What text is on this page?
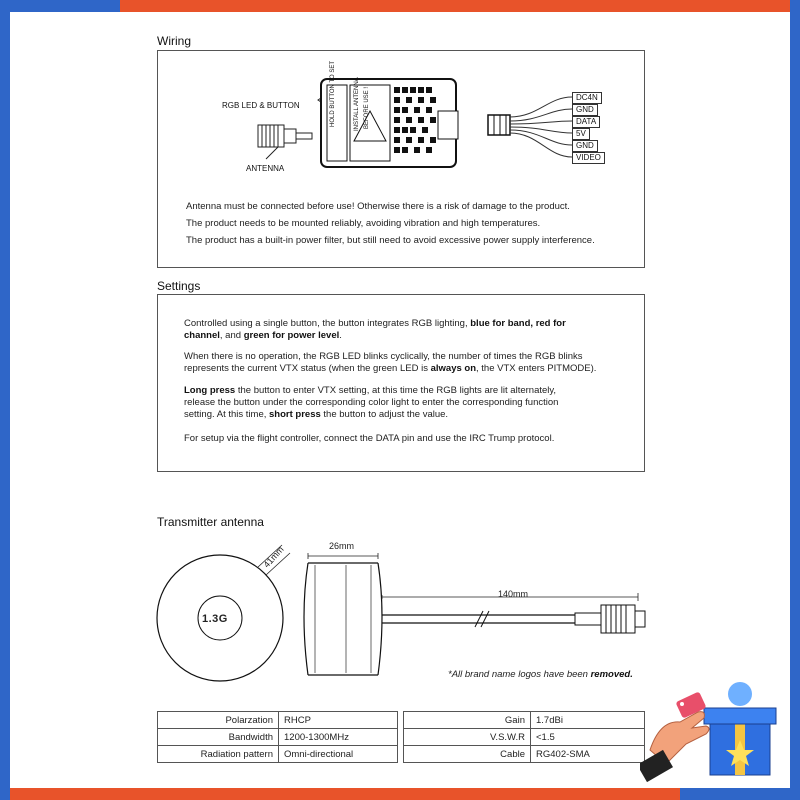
Wiring
HOLD BUTTON TO SET	INSTALL ANTENNA BEFORE USE !
RGB LED & BUTTON
ANTENNA
DC4N
GND
DATA
5V
GND
VIDEO
Antenna must be connected before use! Otherwise there is a risk of damage to the product.
The product needs to be mounted reliably, avoiding vibration and high temperatures.
The product has a built-in power filter, but still need to avoid excessive power supply interference.
Settings

Controlled using a single button, the button integrates RGB lighting, blue for band, red for
channel, and green for power level.

When there is no operation, the RGB LED blinks cyclically, the number of times the RGB blinks
represents the current VTX status (when the green LED is always on, the VTX enters PITMODE).

Long press the button to enter VTX setting, at this time the RGB lights are lit alternately,
release the button under the corresponding color light to enter the corresponding function
setting. At this time, short press the button to adjust the value.

For setup via the flight controller, connect the DATA pin and use the IRC Trump protocol.

Transmitter antenna
41mm	26mm
140mm
1.3G
*All brand name logos have been removed.
Polarzation	RHCP
Bandwidth	1200-1300MHz
Radiation pattern	Omni-directional
Gain	1.7dBi
V.S.W.R	<1.5
Cable	RG402-SMA
